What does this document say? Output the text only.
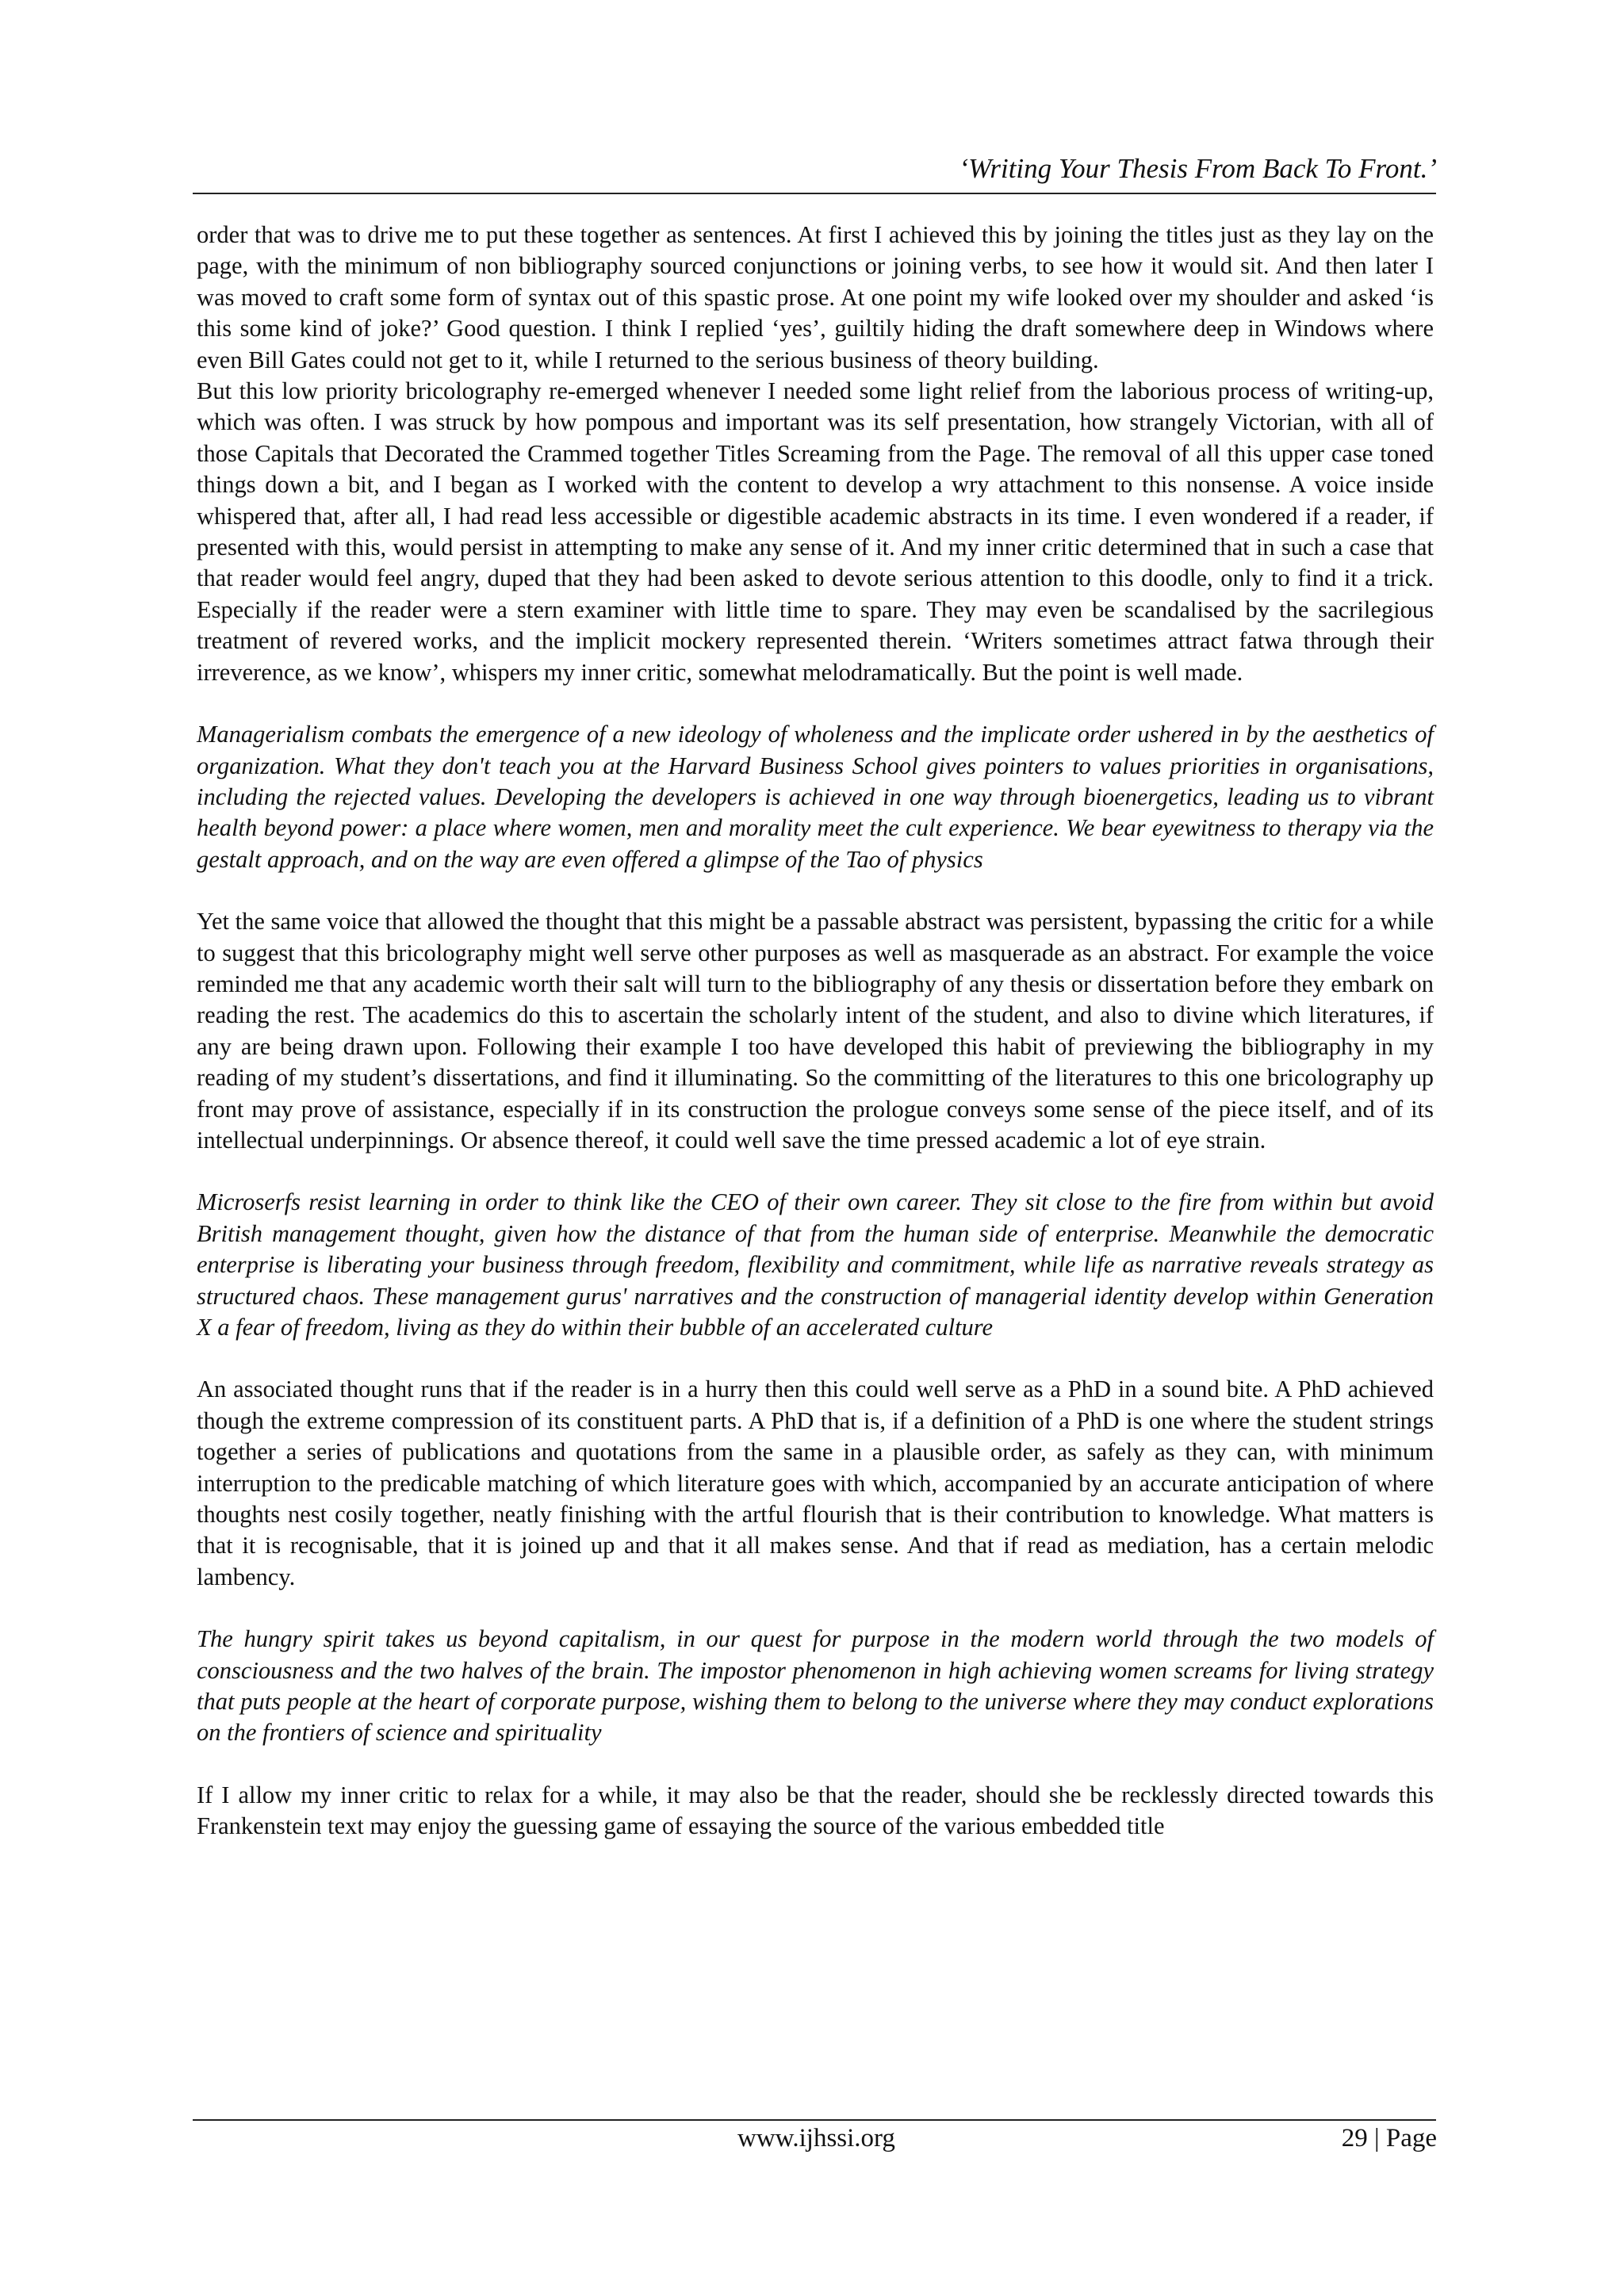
‘Writing Your Thesis From Back To Front.’

order that was to drive me to put these together as sentences. At first I achieved this by joining the titles just as they lay on the page, with the minimum of non bibliography sourced conjunctions or joining verbs, to see how it would sit. And then later I was moved to craft some form of syntax out of this spastic prose. At one point my wife looked over my shoulder and asked ‘is this some kind of joke?’ Good question. I think I replied ‘yes’, guiltily hiding the draft somewhere deep in Windows where even Bill Gates could not get to it, while I returned to the serious business of theory building.

But this low priority bricolography re-emerged whenever I needed some light relief from the laborious process of writing-up, which was often. I was struck by how pompous and important was its self presentation, how strangely Victorian, with all of those Capitals that Decorated the Crammed together Titles Screaming from the Page. The removal of all this upper case toned things down a bit, and I began as I worked with the content to develop a wry attachment to this nonsense. A voice inside whispered that, after all, I had read less accessible or digestible academic abstracts in its time. I even wondered if a reader, if presented with this, would persist in attempting to make any sense of it. And my inner critic determined that in such a case that that reader would feel angry, duped that they had been asked to devote serious attention to this doodle, only to find it a trick. Especially if the reader were a stern examiner with little time to spare. They may even be scandalised by the sacrilegious treatment of revered works, and the implicit mockery represented therein. ‘Writers sometimes attract fatwa through their irreverence, as we know’, whispers my inner critic, somewhat melodramatically. But the point is well made.

Managerialism combats the emergence of a new ideology of wholeness and the implicate order ushered in by the aesthetics of organization. What they don't teach you at the Harvard Business School gives pointers to values priorities in organisations, including the rejected values. Developing the developers is achieved in one way through bioenergetics, leading us to vibrant health beyond power: a place where women, men and morality meet the cult experience. We bear eyewitness to therapy via the gestalt approach, and on the way are even offered a glimpse of the Tao of physics

Yet the same voice that allowed the thought that this might be a passable abstract was persistent, bypassing the critic for a while to suggest that this bricolography might well serve other purposes as well as masquerade as an abstract. For example the voice reminded me that any academic worth their salt will turn to the bibliography of any thesis or dissertation before they embark on reading the rest. The academics do this to ascertain the scholarly intent of the student, and also to divine which literatures, if any are being drawn upon. Following their example I too have developed this habit of previewing the bibliography in my reading of my student’s dissertations, and find it illuminating. So the committing of the literatures to this one bricolography up front may prove of assistance, especially if in its construction the prologue conveys some sense of the piece itself, and of its intellectual underpinnings. Or absence thereof, it could well save the time pressed academic a lot of eye strain.

Microserfs resist learning in order to think like the CEO of their own career. They sit close to the fire from within but avoid British management thought, given how the distance of that from the human side of enterprise. Meanwhile the democratic enterprise is liberating your business through freedom, flexibility and commitment, while life as narrative reveals strategy as structured chaos. These management gurus' narratives and the construction of managerial identity develop within Generation X a fear of freedom, living as they do within their bubble of an accelerated culture

An associated thought runs that if the reader is in a hurry then this could well serve as a PhD in a sound bite. A PhD achieved though the extreme compression of its constituent parts. A PhD that is, if a definition of a PhD is one where the student strings together a series of publications and quotations from the same in a plausible order, as safely as they can, with minimum interruption to the predicable matching of which literature goes with which, accompanied by an accurate anticipation of where thoughts nest cosily together, neatly finishing with the artful flourish that is their contribution to knowledge. What matters is that it is recognisable, that it is joined up and that it all makes sense. And that if read as mediation, has a certain melodic lambency.

The hungry spirit takes us beyond capitalism, in our quest for purpose in the modern world through the two models of consciousness and the two halves of the brain. The impostor phenomenon in high achieving women screams for living strategy that puts people at the heart of corporate purpose, wishing them to belong to the universe where they may conduct explorations on the frontiers of science and spirituality

If I allow my inner critic to relax for a while, it may also be that the reader, should she be recklessly directed towards this Frankenstein text may enjoy the guessing game of essaying the source of the various embedded title

www.ijhssi.org	29 | Page
